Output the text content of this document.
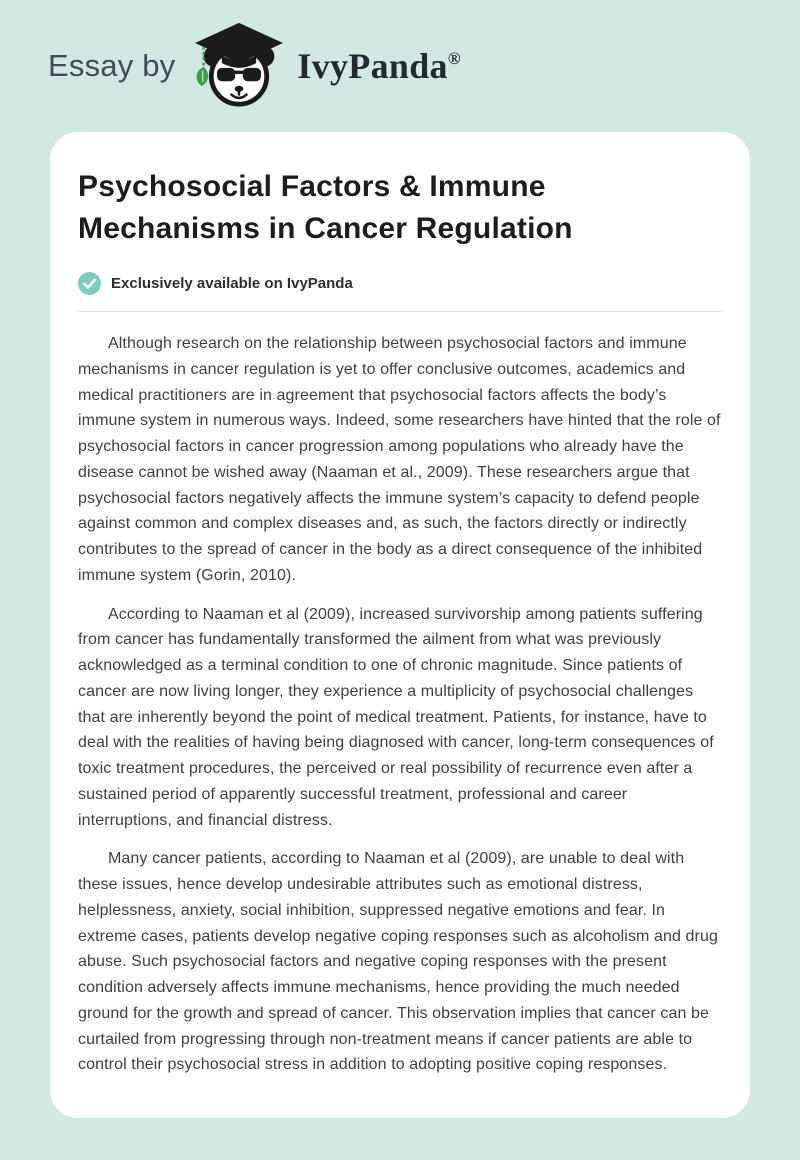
Essay by	IvyPanda®
Psychosocial Factors & Immune
Mechanisms in Cancer Regulation
Exclusively available on IvyPanda

Although research on the relationship between psychosocial factors and immune mechanisms in cancer regulation is yet to offer conclusive outcomes, academics and medical practitioners are in agreement that psychosocial factors affects the body’s immune system in numerous ways. Indeed, some researchers have hinted that the role of psychosocial factors in cancer progression among populations who already have the disease cannot be wished away (Naaman et al., 2009). These researchers argue that psychosocial factors negatively affects the immune system’s capacity to defend people against common and complex diseases and, as such, the factors directly or indirectly contributes to the spread of cancer in the body as a direct consequence of the inhibited immune system (Gorin, 2010).

According to Naaman et al (2009), increased survivorship among patients suffering from cancer has fundamentally transformed the ailment from what was previously acknowledged as a terminal condition to one of chronic magnitude. Since patients of cancer are now living longer, they experience a multiplicity of psychosocial challenges that are inherently beyond the point of medical treatment. Patients, for instance, have to deal with the realities of having being diagnosed with cancer, long-term consequences of toxic treatment procedures, the perceived or real possibility of recurrence even after a sustained period of apparently successful treatment, professional and career interruptions, and financial distress.

Many cancer patients, according to Naaman et al (2009), are unable to deal with these issues, hence develop undesirable attributes such as emotional distress, helplessness, anxiety, social inhibition, suppressed negative emotions and fear. In extreme cases, patients develop negative coping responses such as alcoholism and drug abuse. Such psychosocial factors and negative coping responses with the present condition adversely affects immune mechanisms, hence providing the much needed ground for the growth and spread of cancer. This observation implies that cancer can be curtailed from progressing through non-treatment means if cancer patients are able to control their psychosocial stress in addition to adopting positive coping responses.
